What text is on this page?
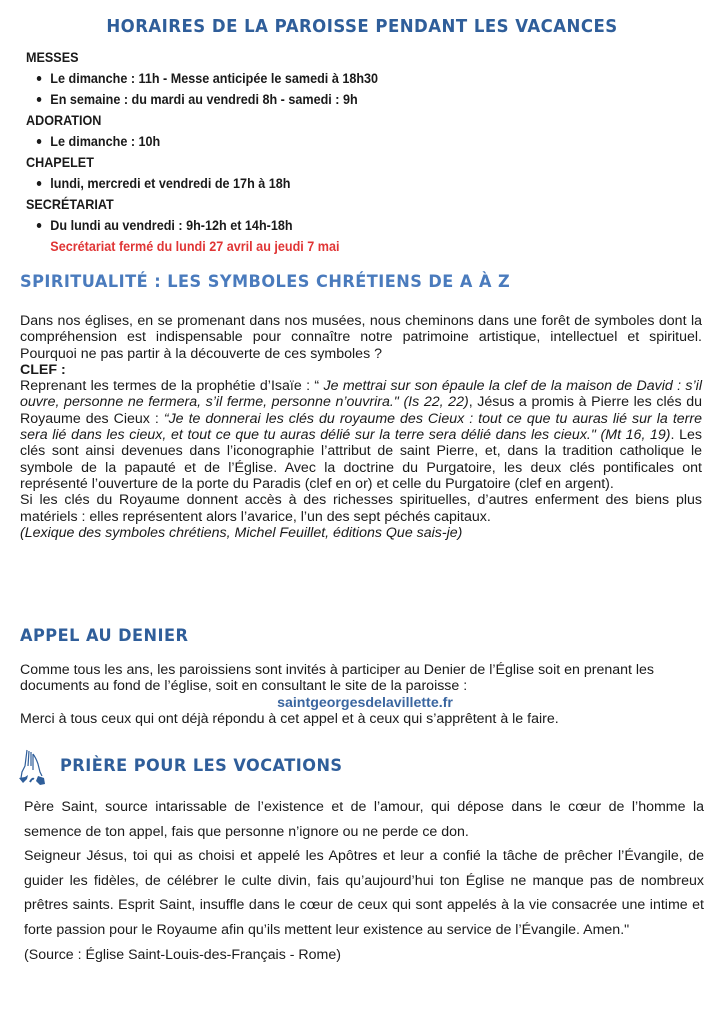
HORAIRES DE LA PAROISSE PENDANT LES VACANCES
MESSES
Le dimanche : 11h - Messe anticipée le samedi à 18h30
En semaine : du mardi au vendredi 8h - samedi : 9h
ADORATION
Le dimanche : 10h
CHAPELET
lundi, mercredi et vendredi de 17h à 18h
SECRÉTARIAT
Du lundi au vendredi : 9h-12h et 14h-18h
Secrétariat fermé du lundi 27 avril au jeudi 7 mai
SPIRITUALITÉ : LES SYMBOLES CHRÉTIENS DE A À Z

Dans nos églises, en se promenant dans nos musées, nous cheminons dans une forêt de symboles dont la compréhension est indispensable pour connaître notre patrimoine artistique, intellectuel et spirituel. Pourquoi ne pas partir à la découverte de ces symboles ?

CLEF :

Reprenant les termes de la prophétie d’Isaïe : “ Je mettrai sur son épaule la clef de la maison de David : s’il ouvre, personne ne fermera, s’il ferme, personne n’ouvrira." (Is 22, 22), Jésus a promis à Pierre les clés du Royaume des Cieux : “Je te donnerai les clés du royaume des Cieux : tout ce que tu auras lié sur la terre sera lié dans les cieux, et tout ce que tu auras délié sur la terre sera délié dans les cieux." (Mt 16, 19). Les clés sont ainsi devenues dans l’iconographie l’attribut de saint Pierre, et, dans la tradition catholique le symbole de la papauté et de l’Église. Avec la doctrine du Purgatoire, les deux clés pontificales ont représenté l’ouverture de la porte du Paradis (clef en or) et celle du Purgatoire (clef en argent).

Si les clés du Royaume donnent accès à des richesses spirituelles, d’autres enferment des biens plus matériels : elles représentent alors l’avarice, l’un des sept péchés capitaux.

(Lexique des symboles chrétiens, Michel Feuillet, éditions Que sais-je)

APPEL AU DENIER

Comme tous les ans, les paroissiens sont invités à participer au Denier de l’Église soit en prenant les documents au fond de l’église, soit en consultant le site de la paroisse :

saintgeorgesdelavillette.fr

Merci à tous ceux qui ont déjà répondu à cet appel et à ceux qui s’apprêtent à le faire.

PRIÈRE POUR LES VOCATIONS

Père Saint, source intarissable de l’existence et de l’amour, qui dépose dans le cœur de l’homme la semence de ton appel, fais que personne n’ignore ou ne perde ce don.

Seigneur Jésus, toi qui as choisi et appelé les Apôtres et leur a confié la tâche de prêcher l’Évangile, de guider les fidèles, de célébrer le culte divin, fais qu’aujourd’hui ton Église ne manque pas de nombreux prêtres saints. Esprit Saint, insuffle dans le cœur de ceux qui sont appelés à la vie consacrée une intime et forte passion pour le Royaume afin qu’ils mettent leur existence au service de l’Évangile. Amen."

(Source : Église Saint-Louis-des-Français - Rome)
